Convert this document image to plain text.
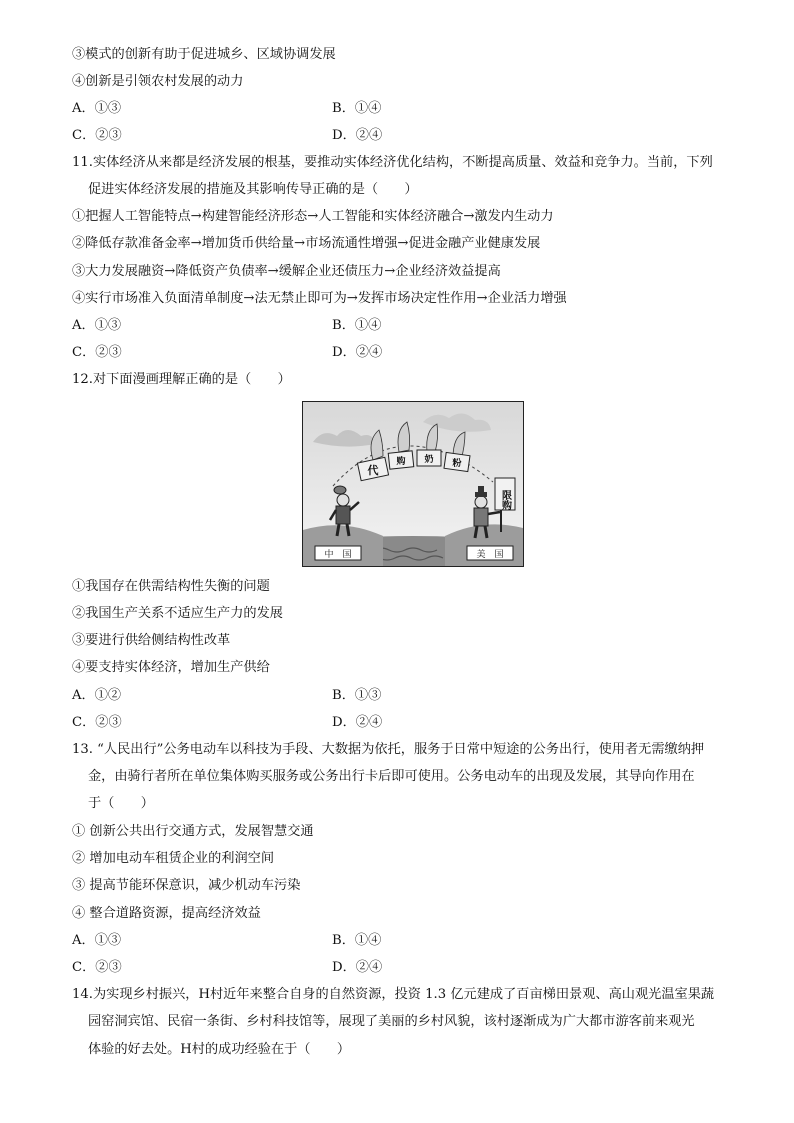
③模式的创新有助于促进城乡、区域协调发展
④创新是引领农村发展的动力
A．①③	B．①④
C．②③	D．②④
11.实体经济从来都是经济发展的根基，要推动实体经济优化结构，不断提高质量、效益和竞争力。当前，下列
促进实体经济发展的措施及其影响传导正确的是（　　）
①把握人工智能特点→构建智能经济形态→人工智能和实体经济融合→激发内生动力
②降低存款准备金率→增加货币供给量→市场流通性增强→促进金融产业健康发展
③大力发展融资→降低资产负债率→缓解企业还债压力→企业经济效益提高
④实行市场准入负面清单制度→法无禁止即可为→发挥市场决定性作用→企业活力增强
A．①③	B．①④
C．②③	D．②④
12.对下面漫画理解正确的是（　　）
代
购 奶 粉
限购
中　国	美　国
①我国存在供需结构性失衡的问题
②我国生产关系不适应生产力的发展
③要进行供给侧结构性改革
④要支持实体经济，增加生产供给
A．①②	B．①③
C．②③	D．②④
13. “人民出行”公务电动车以科技为手段、大数据为依托，服务于日常中短途的公务出行，使用者无需缴纳押
金，由骑行者所在单位集体购买服务或公务出行卡后即可使用。公务电动车的出现及发展，其导向作用在
于（　　）
① 创新公共出行交通方式，发展智慧交通
② 增加电动车租赁企业的利润空间
③ 提高节能环保意识，减少机动车污染
④ 整合道路资源，提高经济效益
A．①③	B．①④
C．②③	D．②④
14.为实现乡村振兴，H村近年来整合自身的自然资源，投资 1.3 亿元建成了百亩梯田景观、高山观光温室果蔬
园窑洞宾馆、民宿一条街、乡村科技馆等，展现了美丽的乡村风貌，该村逐渐成为广大都市游客前来观光
体验的好去处。H村的成功经验在于（　　）
